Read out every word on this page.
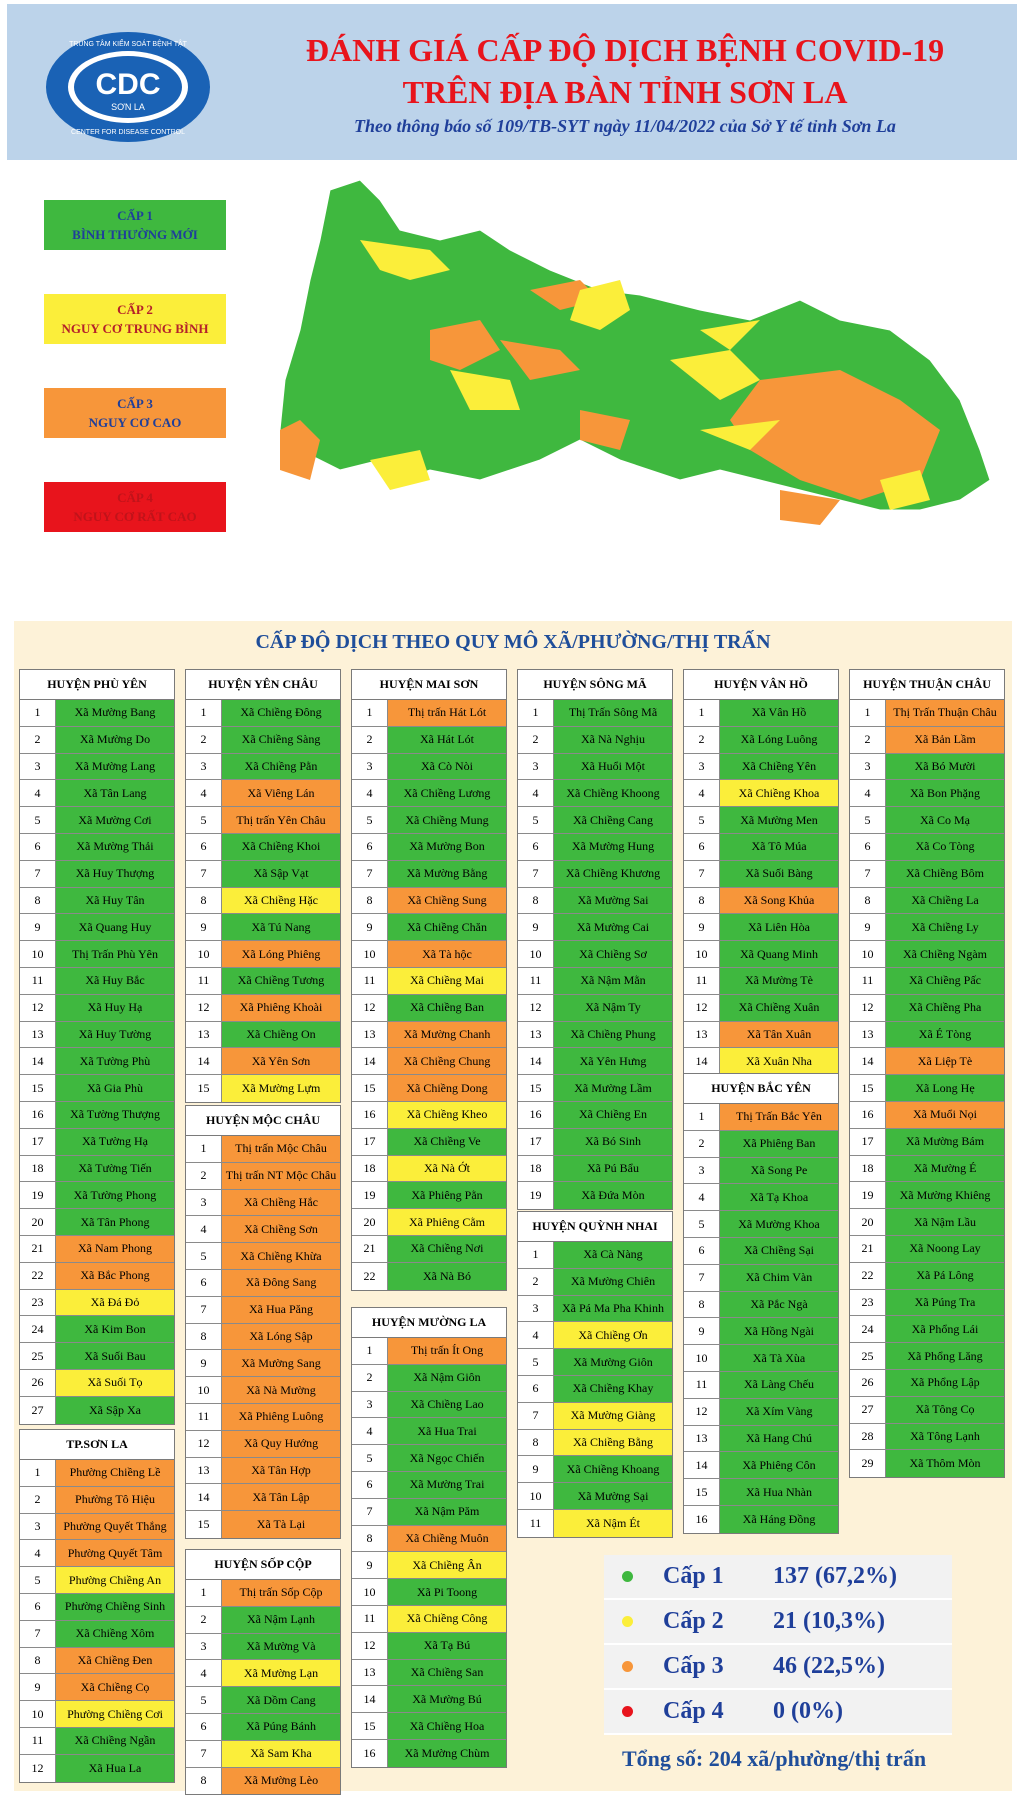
CDC
SƠN LA
TRUNG TÂM KIỂM SOÁT BỆNH TẬT
CENTER FOR DISEASE CONTROL
ĐÁNH GIÁ CẤP ĐỘ DỊCH BỆNH COVID-19
TRÊN ĐỊA BÀN TỈNH SƠN LA
Theo thông báo số 109/TB-SYT ngày 11/04/2022 của Sở Y tế tỉnh Sơn La
CẤP 1
BÌNH THƯỜNG MỚI
CẤP 2
NGUY CƠ TRUNG BÌNH
CẤP 3
NGUY CƠ CAO
CẤP 4
NGUY CƠ RẤT CAO
CẤP ĐỘ DỊCH THEO QUY MÔ XÃ/PHƯỜNG/THỊ TRẤN
HUYỆN PHÙ YÊN
1	Xã Mường Bang
2	Xã Mường Do
3	Xã Mường Lang
4	Xã Tân Lang
5	Xã Mường Cơi
6	Xã Mường Thải
7	Xã Huy Thượng
8	Xã Huy Tân
9	Xã Quang Huy
10	Thị Trấn Phù Yên
11	Xã Huy Bắc
12	Xã Huy Hạ
13	Xã Huy Tường
14	Xã Tường Phù
15	Xã Gia Phù
16	Xã Tường Thượng
17	Xã Tường Hạ
18	Xã Tường Tiến
19	Xã Tường Phong
20	Xã Tân Phong
21	Xã Nam Phong
22	Xã Bắc Phong
23	Xã Đá Đỏ
24	Xã Kim Bon
25	Xã Suối Bau
26	Xã Suối Tọ
27	Xã Sập Xa
TP.SƠN LA
1	Phường Chiềng Lề
2	Phường Tô Hiệu
3	Phường Quyết Thắng
4	Phường Quyết Tâm
5	Phường Chiềng An
6	Phường Chiềng Sinh
7	Xã Chiềng Xôm
8	Xã Chiềng Đen
9	Xã Chiềng Cọ
10	Phường Chiềng Cơi
11	Xã Chiềng Ngần
12	Xã Hua La
HUYỆN YÊN CHÂU
1	Xã Chiềng Đông
2	Xã Chiềng Sàng
3	Xã Chiềng Pằn
4	Xã Viêng Lán
5	Thị trấn Yên Châu
6	Xã Chiềng Khoi
7	Xã Sập Vạt
8	Xã Chiềng Hặc
9	Xã Tú Nang
10	Xã Lóng Phiêng
11	Xã Chiềng Tương
12	Xã Phiêng Khoài
13	Xã Chiềng On
14	Xã Yên Sơn
15	Xã Mường Lựm
HUYỆN MỘC CHÂU
1	Thị trấn Mộc Châu
2	Thị trấn NT Mộc Châu
3	Xã Chiềng Hắc
4	Xã Chiềng Sơn
5	Xã Chiềng Khừa
6	Xã Đông Sang
7	Xã Hua Păng
8	Xã Lóng Sập
9	Xã Mường Sang
10	Xã Nà Mường
11	Xã Phiêng Luông
12	Xã Quy Hướng
13	Xã Tân Hợp
14	Xã Tân Lập
15	Xã Tà Lại
HUYỆN SỐP CỘP
1	Thị trấn Sốp Cộp
2	Xã Nậm Lạnh
3	Xã Mường Và
4	Xã Mường Lạn
5	Xã Dồm Cang
6	Xã Púng Bánh
7	Xã Sam Kha
8	Xã Mường Lèo
HUYỆN MAI SƠN
1	Thị trấn Hát Lót
2	Xã Hát Lót
3	Xã Cò Nòi
4	Xã Chiềng Lương
5	Xã Chiềng Mung
6	Xã Mường Bon
7	Xã Mường Bằng
8	Xã Chiềng Sung
9	Xã Chiềng Chăn
10	Xã Tà hộc
11	Xã Chiềng Mai
12	Xã Chiềng Ban
13	Xã Mường Chanh
14	Xã Chiềng Chung
15	Xã Chiềng Dong
16	Xã Chiềng Kheo
17	Xã Chiềng Ve
18	Xã Nà Ớt
19	Xã Phiêng Pằn
20	Xã Phiêng Cằm
21	Xã Chiềng Nơi
22	Xã Nà Bó
HUYỆN MƯỜNG LA
1	Thị trấn Ít Ong
2	Xã Nậm Giôn
3	Xã Chiềng Lao
4	Xã Hua Trai
5	Xã Ngọc Chiến
6	Xã Mường Trai
7	Xã Nậm Păm
8	Xã Chiềng Muôn
9	Xã Chiềng Ân
10	Xã Pi Toong
11	Xã Chiềng Công
12	Xã Tạ Bú
13	Xã Chiềng San
14	Xã Mường Bú
15	Xã Chiềng Hoa
16	Xã Mường Chùm
HUYỆN SÔNG MÃ
1	Thị Trấn Sông Mã
2	Xã Nà Nghịu
3	Xã Huổi Một
4	Xã Chiềng Khoong
5	Xã Chiềng Cang
6	Xã Mường Hung
7	Xã Chiềng Khương
8	Xã Mường Sai
9	Xã Mường Cai
10	Xã Chiềng Sơ
11	Xã Nậm Mằn
12	Xã Nậm Ty
13	Xã Chiềng Phung
14	Xã Yên Hưng
15	Xã Mường Lầm
16	Xã Chiềng En
17	Xã Bó Sinh
18	Xã Pú Bẩu
19	Xã Đứa Mòn
HUYỆN QUỲNH NHAI
1	Xã Cà Nàng
2	Xã Mường Chiên
3	Xã Pá Ma Pha Khinh
4	Xã Chiềng Ơn
5	Xã Mường Giôn
6	Xã Chiềng Khay
7	Xã Mường Giàng
8	Xã Chiềng Bằng
9	Xã Chiềng Khoang
10	Xã Mường Sại
11	Xã Nậm Ét
HUYỆN VÂN HỒ
1	Xã Vân Hồ
2	Xã Lóng Luông
3	Xã Chiềng Yên
4	Xã Chiềng Khoa
5	Xã Mường Men
6	Xã Tô Múa
7	Xã Suối Bàng
8	Xã Song Khủa
9	Xã Liên Hòa
10	Xã Quang Minh
11	Xã Mường Tè
12	Xã Chiềng Xuân
13	Xã Tân Xuân
14	Xã Xuân Nha
HUYỆN BẮC YÊN
1	Thị Trấn Bắc Yên
2	Xã Phiêng Ban
3	Xã Song Pe
4	Xã Tạ Khoa
5	Xã Mường Khoa
6	Xã Chiềng Sại
7	Xã Chim Vàn
8	Xã Pắc Ngà
9	Xã Hồng Ngài
10	Xã Tà Xùa
11	Xã Làng Chếu
12	Xã Xím Vàng
13	Xã Hang Chú
14	Xã Phiêng Côn
15	Xã Hua Nhàn
16	Xã Háng Đồng
HUYỆN THUẬN CHÂU
1	Thị Trấn Thuận Châu
2	Xã Bản Lầm
3	Xã Bó Mười
4	Xã Bon Phặng
5	Xã Co Mạ
6	Xã Co Tòng
7	Xã Chiềng Bôm
8	Xã Chiềng La
9	Xã Chiềng Ly
10	Xã Chiềng Ngàm
11	Xã Chiềng Pấc
12	Xã Chiềng Pha
13	Xã É Tòng
14	Xã Liệp Tè
15	Xã Long Hẹ
16	Xã Muổi Nọi
17	Xã Mường Bám
18	Xã Mường É
19	Xã Mường Khiêng
20	Xã Nậm Lầu
21	Xã Noong Lay
22	Xã Pá Lông
23	Xã Púng Tra
24	Xã Phổng Lái
25	Xã Phổng Lăng
26	Xã Phổng Lập
27	Xã Tông Cọ
28	Xã Tông Lạnh
29	Xã Thôm Mòn
Cấp 1	137 (67,2%)
Cấp 2	21 (10,3%)
Cấp 3	46 (22,5%)
Cấp 4	0 (0%)
Tổng số: 204 xã/phường/thị trấn
